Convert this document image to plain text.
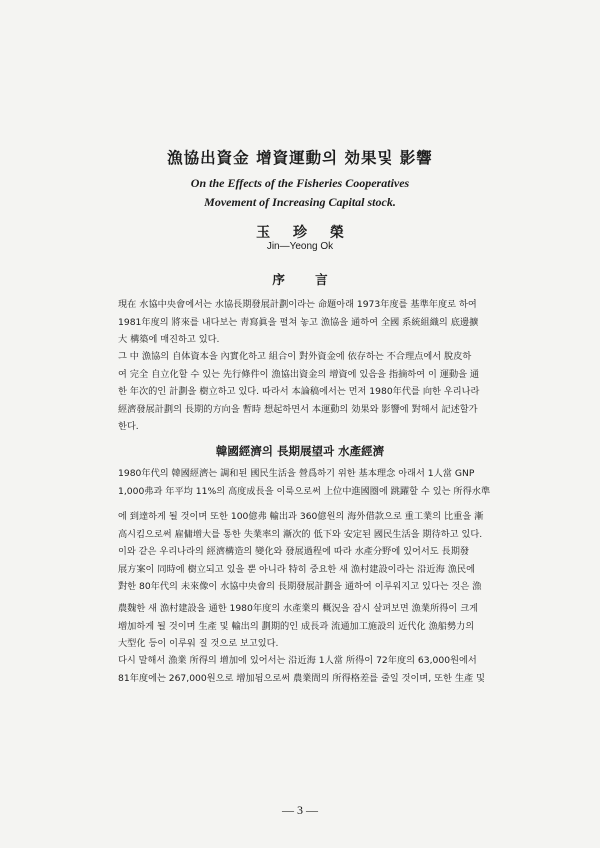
漁協出資金 增資運動의 効果및 影響
On the Effects of the Fisheries Cooperatives
Movement of Increasing Capital stock.
玉 珍 榮
Jin—Yeong Ok
序 言
現在 水協中央會에서는 水協長期發展計劃이라는 命題아래 1973年度를 基準年度로 하여
1981年度의 將來를 내다보는 靑寫眞을 펼쳐 놓고 漁協을 通하여 全國 系統組織의 底邊擴
大 構築에 매진하고 있다.
그 中 漁協의 自体資本을 內實化하고 組合이 對外資金에 依存하는 不合理点에서 脫皮하
여 完全 自立化할 수 있는 先行條件이 漁協出資金의 增資에 있음을 指摘하여 이 運動을 通
한 年次的인 計劃을 樹立하고 있다. 따라서 本論稿에서는 먼저 1980年代를 向한 우리나라
經濟發展計劃의 長期的方向을 暫時 想起하면서 本運動의 効果와 影響에 對해서 記述할가
한다.
韓國經濟의 長期展望과 水產經濟
1980年代의 韓國經濟는 調和된 國民生活을 營爲하기 위한 基本理念 아래서 1人當 GNP
1,000弗과 年平均 11%의 高度成長을 이룩으로써 上位中進國圈에 跳躍할 수 있는 所得水準
에 到達하게 될 것이며 또한 100億弗 輸出과 360億원의 海外借款으로 重工業의 比重을 漸
高시킴으로써 雇傭增大를 통한 失業率의 漸次的 低下와 安定된 國民生活을 期待하고 있다.
이와 같은 우리나라의 經濟構造의 變化와 發展過程에 따라 水產分野에 있어서도 長期發
展方案이 同時에 樹立되고 있을 뿐 아니라 特히 중요한 새 漁村建設이라는 沿近海 漁民에
對한 80年代의 未來像이 水協中央會의 長期發展計劃을 通하여 이루워지고 있다는 것은 漁
農魏한 새 漁村建設을 通한 1980年度의 水產業의 概況을 잠시 살펴보면 漁業所得이 크게
增加하게 될 것이며 生產 및 輸出의 劃期的인 成長과 流通加工施設의 近代化 漁船勢力의
大型化 등이 이루워 질 것으로 보고있다.
다시 말해서 漁業 所得의 增加에 있어서는 沿近海 1人當 所得이 72年度의 63,000원에서
81年度에는 267,000원으로 增加됨으로써 農業間의 所得格差를 줄일 것이며, 또한 生產 및
— 3 —
